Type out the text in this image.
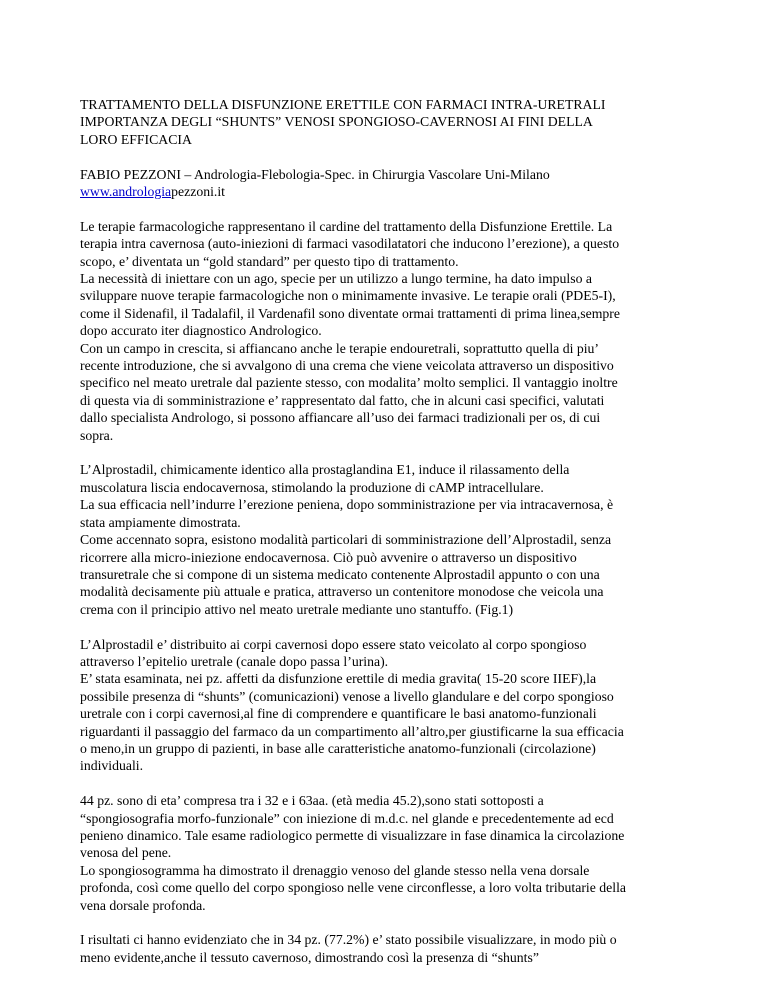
TRATTAMENTO DELLA DISFUNZIONE ERETTILE CON FARMACI INTRA-URETRALI
IMPORTANZA DEGLI “SHUNTS” VENOSI SPONGIOSO-CAVERNOSI AI FINI DELLA
LORO EFFICACIA
FABIO PEZZONI – Andrologia-Flebologia-Spec. in Chirurgia Vascolare Uni-Milano
www.andrologiapezzoni.it
Le terapie farmacologiche rappresentano il cardine del trattamento della Disfunzione Erettile. La
terapia intra cavernosa (auto-iniezioni di farmaci vasodilatatori che inducono l’erezione), a questo
scopo, e’ diventata un “gold standard” per questo tipo di trattamento.
La necessità di iniettare con un ago, specie per un utilizzo a lungo termine, ha dato impulso a
sviluppare nuove terapie farmacologiche non o minimamente invasive. Le terapie orali (PDE5-I),
come il Sidenafil, il Tadalafil, il Vardenafil sono diventate ormai trattamenti di prima linea,sempre
dopo accurato iter diagnostico Andrologico.
Con un campo in crescita, si affiancano anche le terapie endouretrali, soprattutto quella di piu’
recente introduzione, che si avvalgono di una crema che viene veicolata attraverso un dispositivo
specifico nel meato uretrale dal paziente stesso, con modalita’ molto semplici. Il vantaggio inoltre
di questa via di somministrazione e’ rappresentato dal fatto, che in alcuni casi specifici, valutati
dallo specialista Andrologo, si possono affiancare all’uso dei farmaci tradizionali per os, di cui
sopra.
L’Alprostadil, chimicamente identico alla prostaglandina E1, induce il rilassamento della
muscolatura liscia endocavernosa, stimolando la produzione di cAMP intracellulare.
La sua efficacia nell’indurre l’erezione peniena, dopo somministrazione per via intracavernosa, è
stata ampiamente dimostrata.
Come accennato sopra, esistono modalità particolari di somministrazione dell’Alprostadil, senza
ricorrere alla micro-iniezione endocavernosa. Ciò può avvenire o attraverso un dispositivo
transuretrale che si compone di un sistema medicato contenente Alprostadil appunto o con una
modalità decisamente più attuale e pratica, attraverso un contenitore monodose che veicola una
crema con il principio attivo nel meato uretrale mediante uno stantuffo. (Fig.1)
L’Alprostadil e’ distribuito ai corpi cavernosi dopo essere stato veicolato al corpo spongioso
attraverso l’epitelio uretrale (canale dopo passa l’urina).
E’ stata esaminata, nei pz. affetti da disfunzione erettile di media gravita( 15-20 score IIEF),la
possibile presenza di “shunts” (comunicazioni) venose a livello glandulare e del corpo spongioso
uretrale con i corpi cavernosi,al fine di comprendere e quantificare le basi anatomo-funzionali
riguardanti il passaggio del farmaco da un compartimento all’altro,per giustificarne la sua efficacia
o meno,in un gruppo di pazienti, in base alle caratteristiche anatomo-funzionali (circolazione)
individuali.
44 pz. sono di eta’ compresa tra i 32 e i 63aa. (età media 45.2),sono stati sottoposti a
“spongiosografia morfo-funzionale” con iniezione di m.d.c. nel glande e precedentemente ad ecd
penieno dinamico. Tale esame radiologico permette di visualizzare in fase dinamica la circolazione
venosa del pene.
Lo spongiosogramma ha dimostrato il drenaggio venoso del glande stesso nella vena dorsale
profonda, così come quello del corpo spongioso nelle vene circonflesse, a loro volta tributarie della
vena dorsale profonda.
I risultati ci hanno evidenziato che in 34 pz. (77.2%) e’ stato possibile visualizzare, in modo più o
meno evidente,anche il tessuto cavernoso, dimostrando così la presenza di “shunts”
